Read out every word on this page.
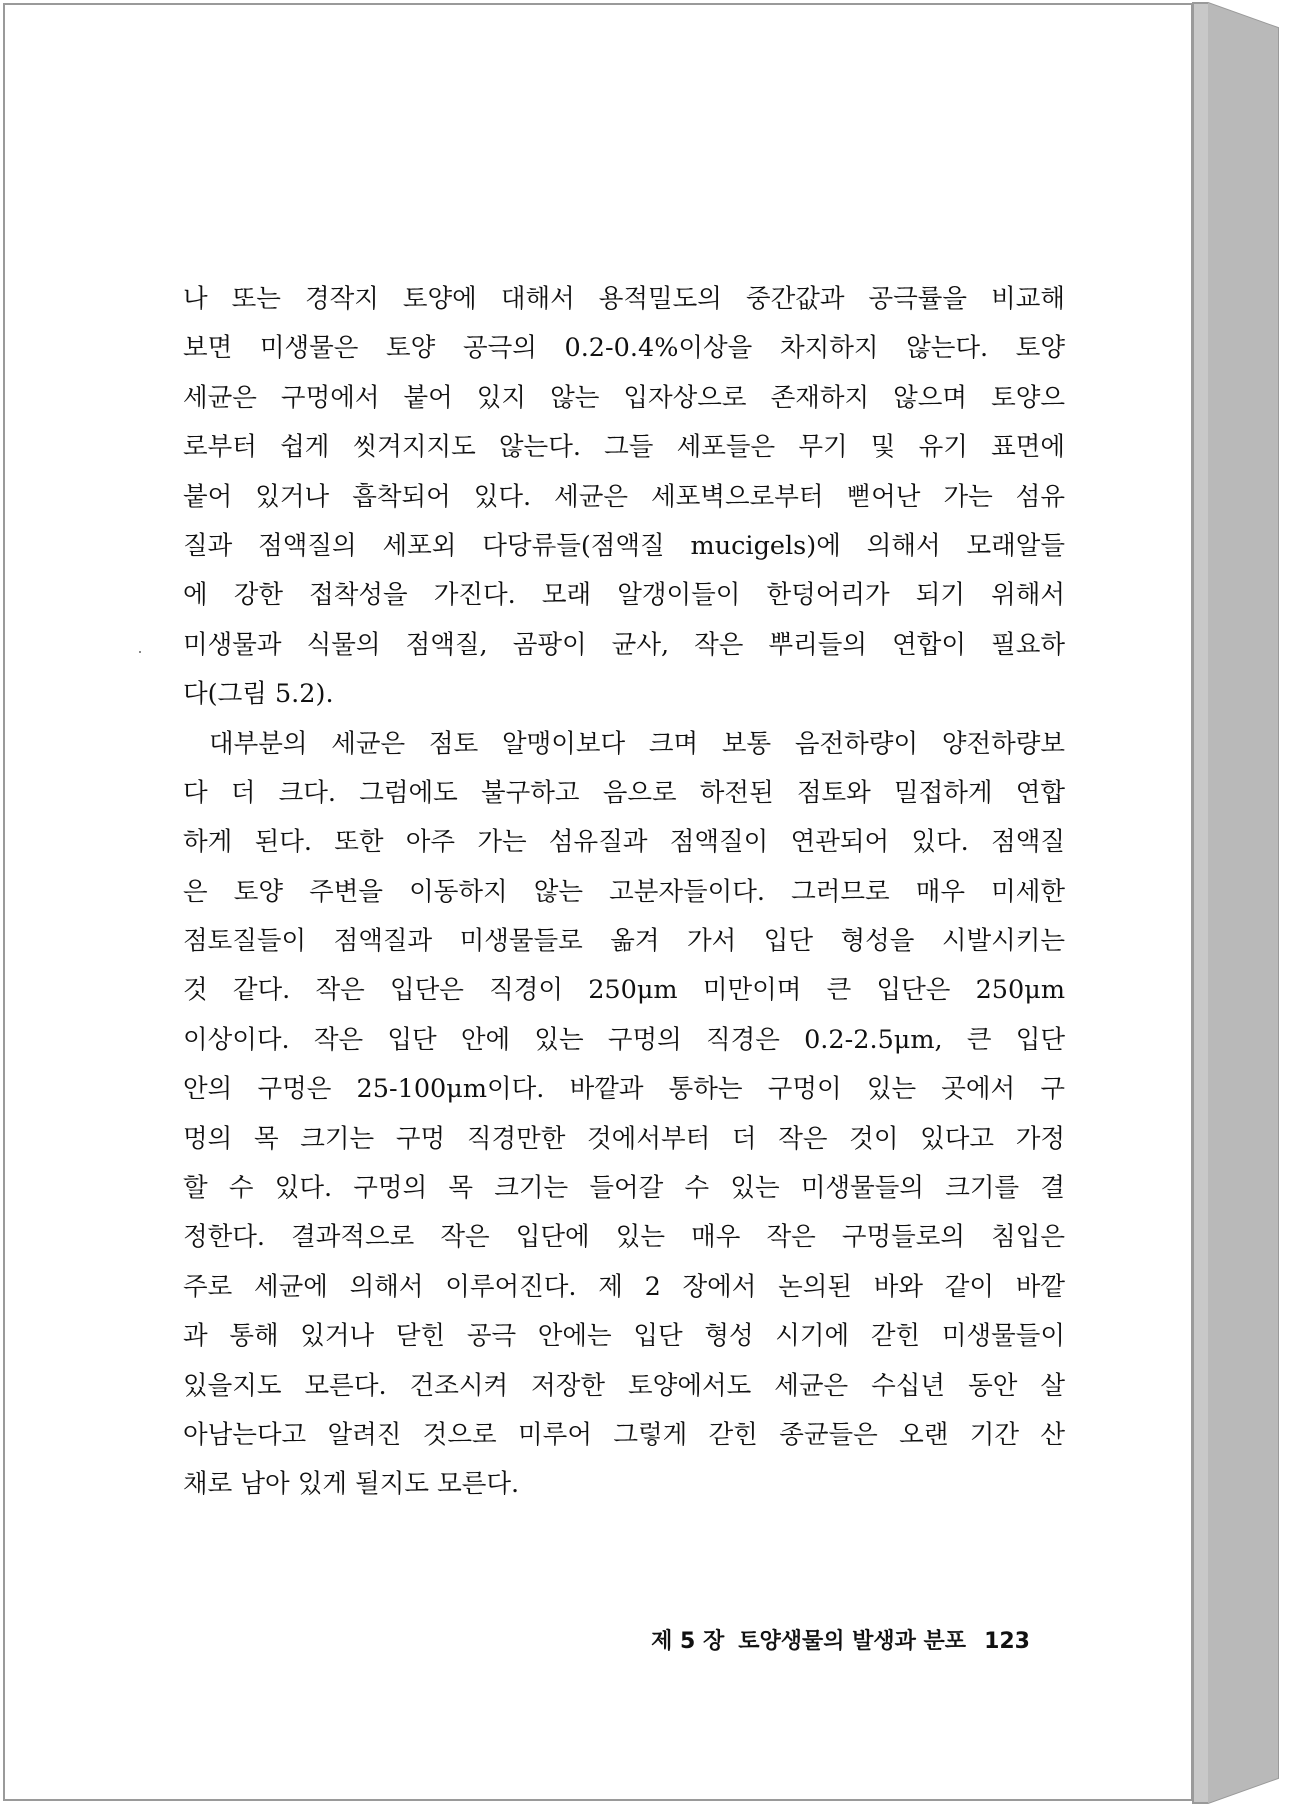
나 또는 경작지 토양에 대해서 용적밀도의 중간값과 공극률을 비교해
보면 미생물은 토양 공극의 0.2-0.4%이상을 차지하지 않는다. 토양
세균은 구멍에서 붙어 있지 않는 입자상으로 존재하지 않으며 토양으
로부터 쉽게 씻겨지지도 않는다. 그들 세포들은 무기 및 유기 표면에
붙어 있거나 흡착되어 있다. 세균은 세포벽으로부터 뻗어난 가는 섬유
질과 점액질의 세포외 다당류들(점액질 mucigels)에 의해서 모래알들
에 강한 접착성을 가진다. 모래 알갱이들이 한덩어리가 되기 위해서
미생물과 식물의 점액질, 곰팡이 균사, 작은 뿌리들의 연합이 필요하
다(그림 5.2).
대부분의 세균은 점토 알맹이보다 크며 보통 음전하량이 양전하량보
다 더 크다. 그럼에도 불구하고 음으로 하전된 점토와 밀접하게 연합
하게 된다. 또한 아주 가는 섬유질과 점액질이 연관되어 있다. 점액질
은 토양 주변을 이동하지 않는 고분자들이다. 그러므로 매우 미세한
점토질들이 점액질과 미생물들로 옮겨 가서 입단 형성을 시발시키는
것 같다. 작은 입단은 직경이 250μm 미만이며 큰 입단은 250μm
이상이다. 작은 입단 안에 있는 구멍의 직경은 0.2-2.5μm, 큰 입단
안의 구멍은 25-100μm이다. 바깥과 통하는 구멍이 있는 곳에서 구
멍의 목 크기는 구멍 직경만한 것에서부터 더 작은 것이 있다고 가정
할 수 있다. 구멍의 목 크기는 들어갈 수 있는 미생물들의 크기를 결
정한다. 결과적으로 작은 입단에 있는 매우 작은 구멍들로의 침입은
주로 세균에 의해서 이루어진다. 제 2 장에서 논의된 바와 같이 바깥
과 통해 있거나 닫힌 공극 안에는 입단 형성 시기에 갇힌 미생물들이
있을지도 모른다. 건조시켜 저장한 토양에서도 세균은 수십년 동안 살
아남는다고 알려진 것으로 미루어 그렇게 갇힌 종균들은 오랜 기간 산
채로 남아 있게 될지도 모른다.
제 5 장 토양생물의 발생과 분포 123
